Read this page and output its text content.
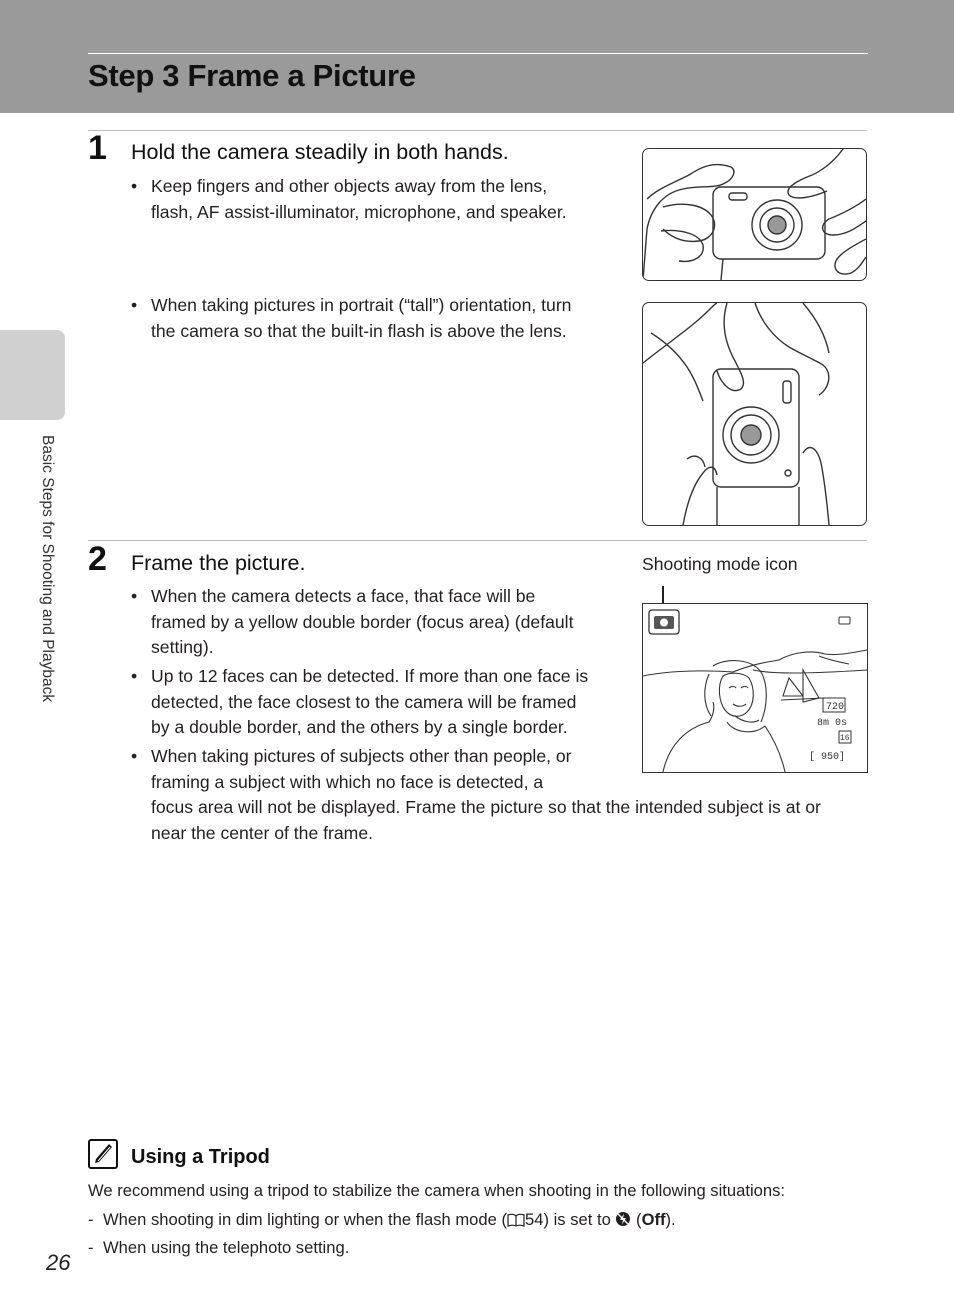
Step 3 Frame a Picture
Basic Steps for Shooting and Playback
1 Hold the camera steadily in both hands.
• Keep fingers and other objects away from the lens,
flash, AF assist-illuminator, microphone, and speaker.
• When taking pictures in portrait (“tall”) orientation, turn
the camera so that the built-in flash is above the lens.
2 Frame the picture.	Shooting mode icon
• When the camera detects a face, that face will be
framed by a yellow double border (focus area) (default
setting).
• Up to 12 faces can be detected. If more than one face is
detected, the face closest to the camera will be framed
by a double border, and the others by a single border.
• When taking pictures of subjects other than people, or
framing a subject with which no face is detected, a
focus area will not be displayed. Frame the picture so that the intended subject is at or
near the center of the frame.
720
8m 0s
16
[ 950]
Using a Tripod
We recommend using a tripod to stabilize the camera when shooting in the following situations:
- When shooting in dim lighting or when the flash mode ( 54) is set to  (Off).
- When using the telephoto setting.
26
